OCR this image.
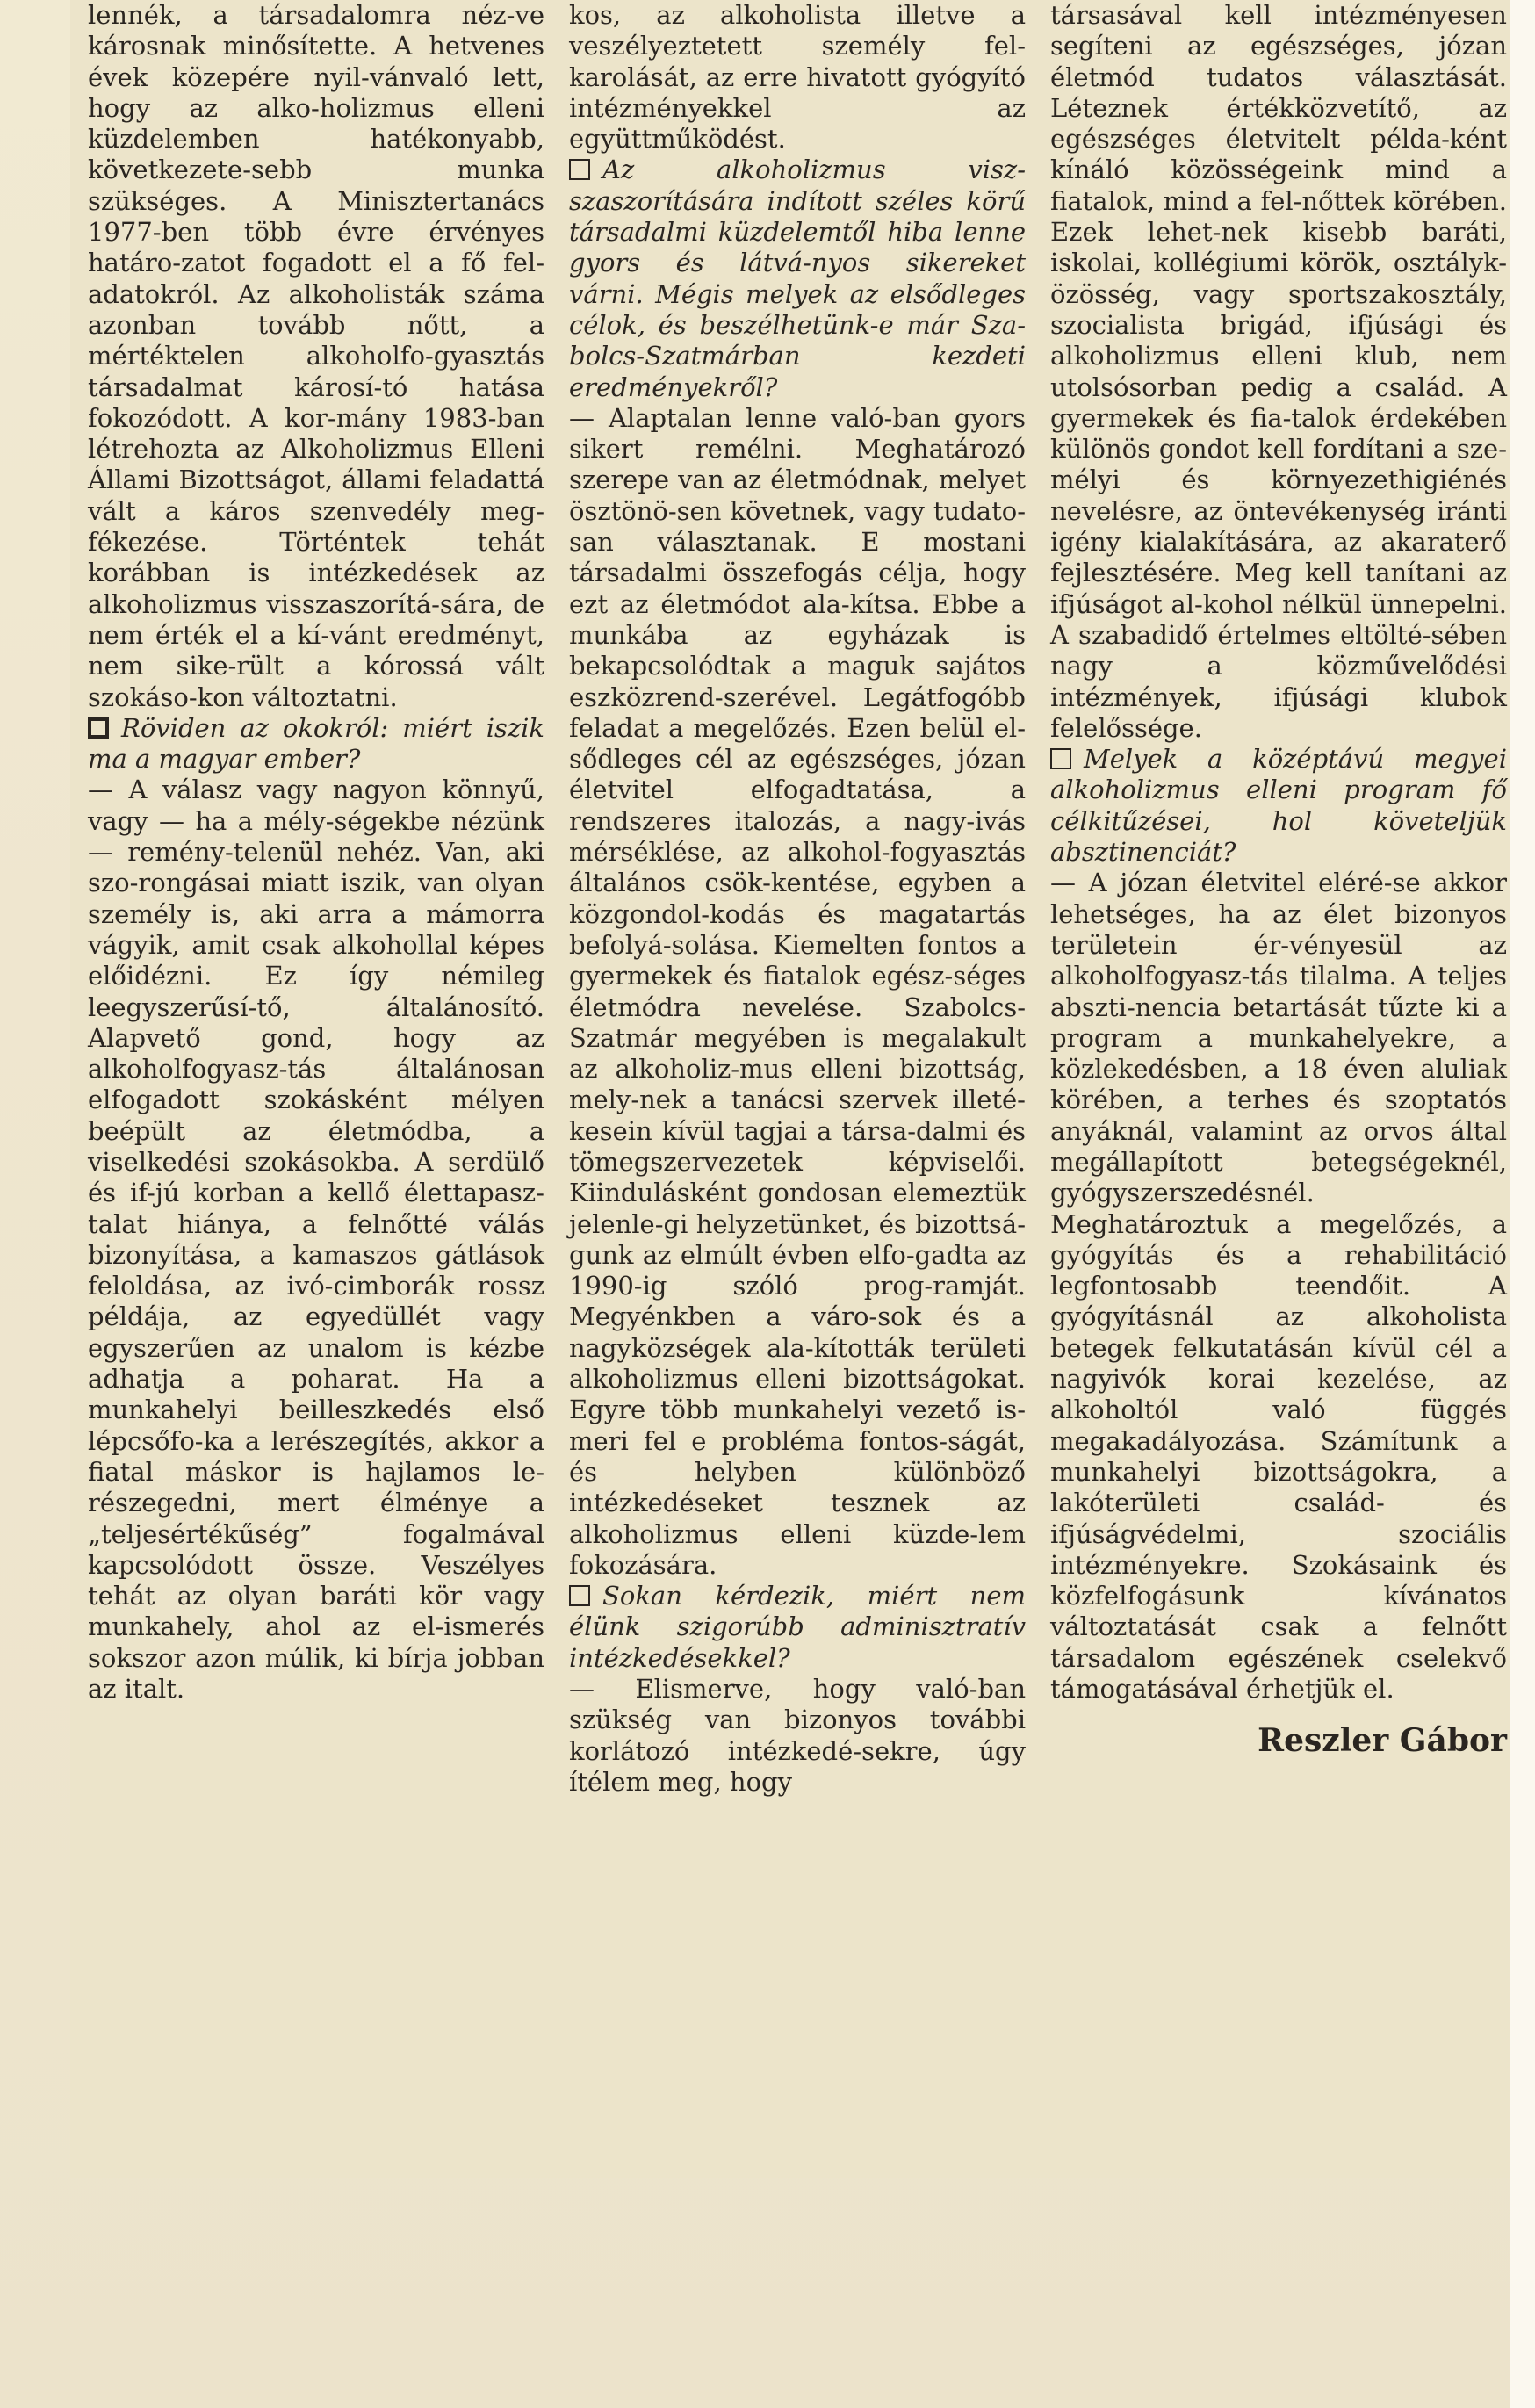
lennék, a társadalomra néz-ve károsnak minősítette. A hetvenes évek közepére nyil-vánvaló lett, hogy az alko-holizmus elleni küzdelemben hatékonyabb, következete-sebb munka szükséges. A Minisztertanács 1977-ben több évre érvényes határo-zatot fogadott el a fő fel-adatokról. Az alkoholisták száma azonban tovább nőtt, a mértéktelen alkoholfo-gyasztás társadalmat károsí-tó hatása fokozódott. A kor-mány 1983-ban létrehozta az Alkoholizmus Elleni Állami Bizottságot, állami feladattá vált a káros szenvedély meg-fékezése. Történtek tehát korábban is intézkedések az alkoholizmus visszaszorítá-sára, de nem érték el a kí-vánt eredményt, nem sike-rült a kórossá vált szokáso-kon változtatni.

Röviden az okokról: miért iszik ma a magyar ember?

— A válasz vagy nagyon könnyű, vagy — ha a mély-ségekbe nézünk — remény-telenül nehéz. Van, aki szo-rongásai miatt iszik, van olyan személy is, aki arra a mámorra vágyik, amit csak alkohollal képes előidézni. Ez így némileg leegyszerűsí-tő, általánosító. Alapvető gond, hogy az alkoholfogyasz-tás általánosan elfogadott szokásként mélyen beépült az életmódba, a viselkedési szokásokba. A serdülő és if-jú korban a kellő élettapasz-talat hiánya, a felnőtté válás bizonyítása, a kamaszos gátlások feloldása, az ivó-cimborák rossz példája, az egyedüllét vagy egyszerűen az unalom is kézbe adhatja a poharat. Ha a munkahelyi beilleszkedés első lépcsőfo-ka a lerészegítés, akkor a fiatal máskor is hajlamos le-részegedni, mert élménye a „teljesértékűség” fogalmával kapcsolódott össze. Veszélyes tehát az olyan baráti kör vagy munkahely, ahol az el-ismerés sokszor azon múlik, ki bírja jobban az italt.

kos, az alkoholista illetve a veszélyeztetett személy fel-karolását, az erre hivatott gyógyító intézményekkel az együttműködést.

Az alkoholizmus visz-szaszorítására indított széles körű társadalmi küzdelemtől hiba lenne gyors és látvá-nyos sikereket várni. Mégis melyek az elsődleges célok, és beszélhetünk-e már Sza-bolcs-Szatmárban kezdeti eredményekről?

— Alaptalan lenne való-ban gyors sikert remélni. Meghatározó szerepe van az életmódnak, melyet ösztönö-sen követnek, vagy tudato-san választanak. E mostani társadalmi összefogás célja, hogy ezt az életmódot ala-kítsa. Ebbe a munkába az egyházak is bekapcsolódtak a maguk sajátos eszközrend-szerével. Legátfogóbb feladat a megelőzés. Ezen belül el-sődleges cél az egészséges, józan életvitel elfogadtatása, a rendszeres italozás, a nagy-ivás mérséklése, az alkohol-fogyasztás általános csök-kentése, egyben a közgondol-kodás és magatartás befolyá-solása. Kiemelten fontos a gyermekek és fiatalok egész-séges életmódra nevelése. Szabolcs-Szatmár megyében is megalakult az alkoholiz-mus elleni bizottság, mely-nek a tanácsi szervek illeté-kesein kívül tagjai a társa-dalmi és tömegszervezetek képviselői. Kiindulásként gondosan elemeztük jelenle-gi helyzetünket, és bizottsá-gunk az elmúlt évben elfo-gadta az 1990-ig szóló prog-ramját. Megyénkben a váro-sok és a nagyközségek ala-kították területi alkoholizmus elleni bizottságokat. Egyre több munkahelyi vezető is-meri fel e probléma fontos-ságát, és helyben különböző intézkedéseket tesznek az alkoholizmus elleni küzde-lem fokozására.

Sokan kérdezik, miért nem élünk szigorúbb adminisztratív intézkedésekkel?

— Elismerve, hogy való-ban szükség van bizonyos további korlátozó intézkedé-sekre, úgy ítélem meg, hogy

társasával kell intézményesen segíteni az egészséges, józan életmód tudatos választását. Léteznek értékközvetítő, az egészséges életvitelt példa-ként kínáló közösségeink mind a fiatalok, mind a fel-nőttek körében. Ezek lehet-nek kisebb baráti, iskolai, kollégiumi körök, osztályk-özösség, vagy sportszakosztály, szocialista brigád, ifjúsági és alkoholizmus elleni klub, nem utolsósorban pedig a család. A gyermekek és fia-talok érdekében különös gondot kell fordítani a sze-mélyi és környezethigiénés nevelésre, az öntevékenység iránti igény kialakítására, az akaraterő fejlesztésére. Meg kell tanítani az ifjúságot al-kohol nélkül ünnepelni. A szabadidő értelmes eltölté-sében nagy a közművelődési intézmények, ifjúsági klubok felelőssége.

Melyek a középtávú megyei alkoholizmus elleni program fő célkitűzései, hol követeljük absztinenciát?

— A józan életvitel eléré-se akkor lehetséges, ha az élet bizonyos területein ér-vényesül az alkoholfogyasz-tás tilalma. A teljes abszti-nencia betartását tűzte ki a program a munkahelyekre, a közlekedésben, a 18 éven aluliak körében, a terhes és szoptatós anyáknál, valamint az orvos által megállapított betegségeknél, gyógyszerszedésnél. Meghatároztuk a megelőzés, a gyógyítás és a rehabilitáció legfontosabb teendőit. A gyógyításnál az alkoholista betegek felkutatásán kívül cél a nagyivók korai kezelése, az alkoholtól való függés megakadályozása. Számítunk a munkahelyi bizottságokra, a lakóterületi család- és ifjúságvédelmi, szociális intézményekre. Szokásaink és közfelfogásunk kívánatos változtatását csak a felnőtt társadalom egészének cselekvő támogatásával érhetjük el.

Reszler Gábor
